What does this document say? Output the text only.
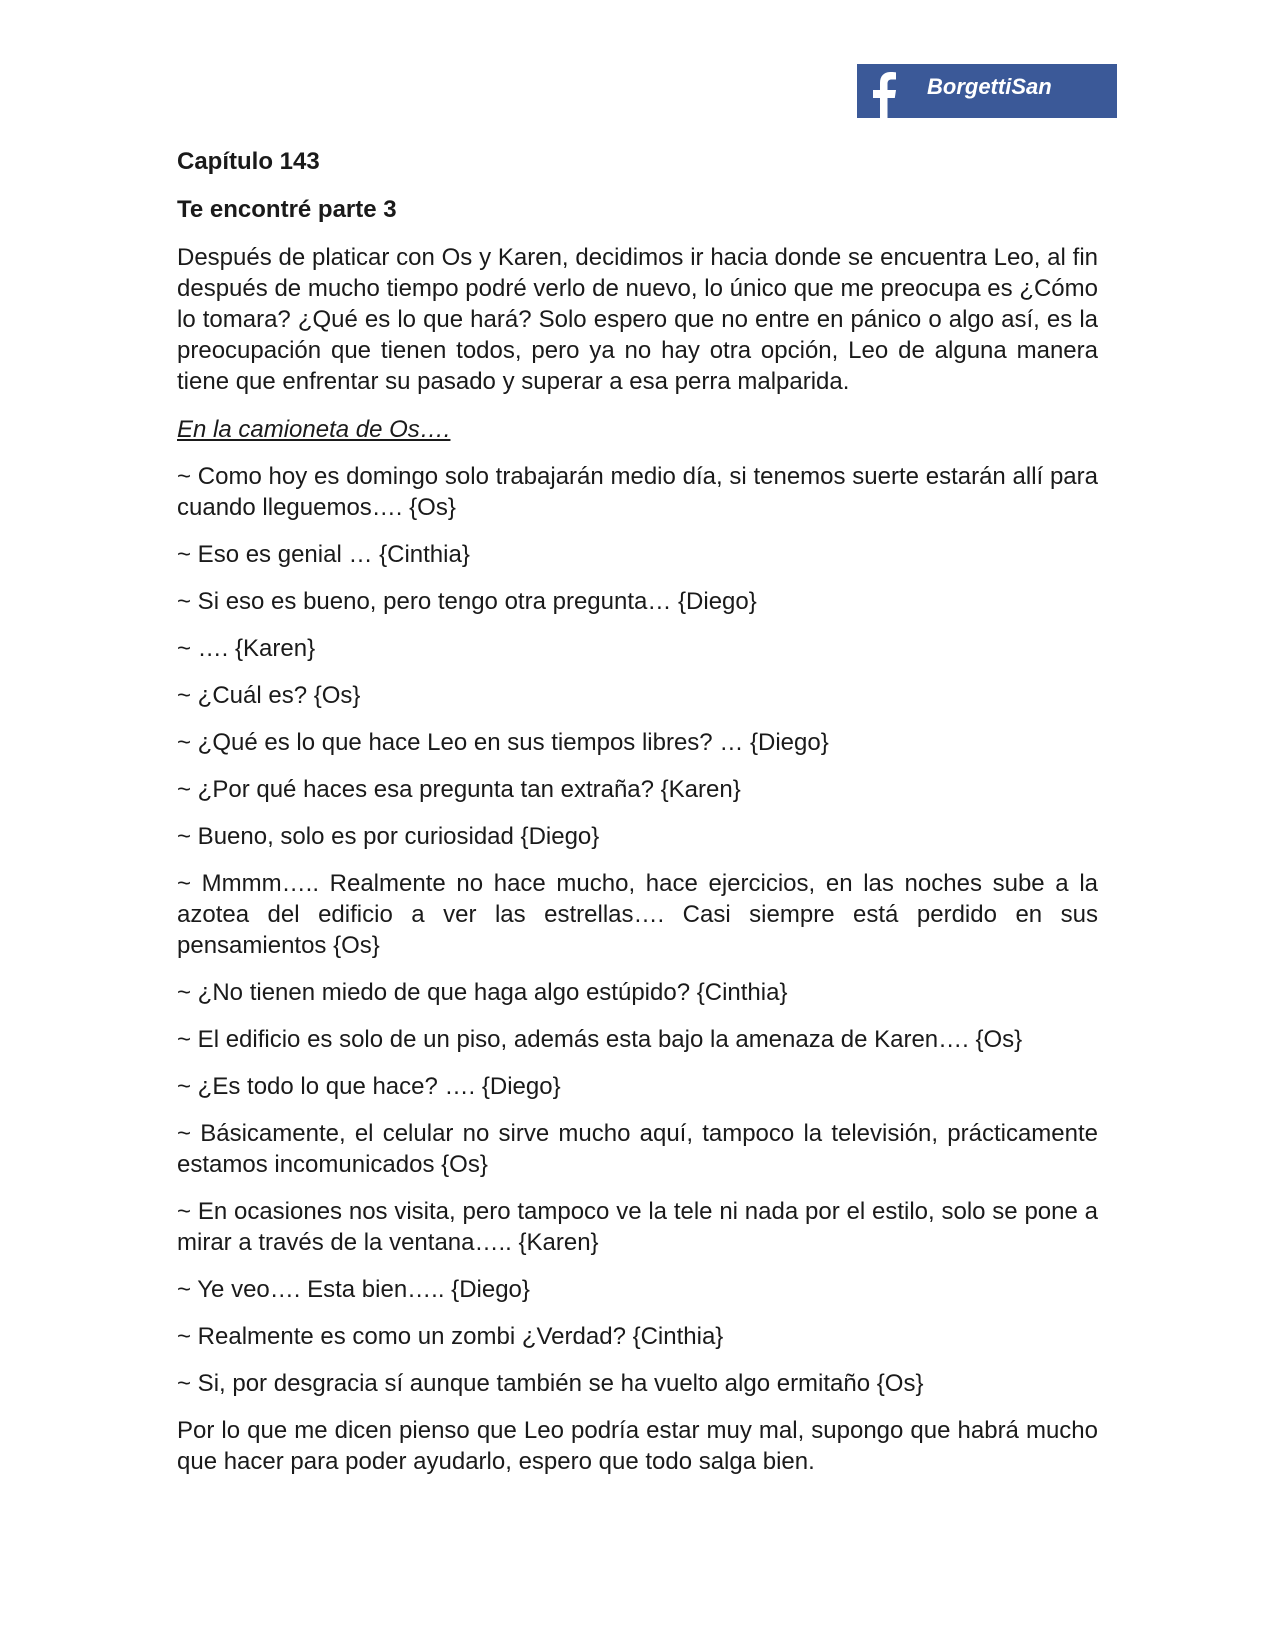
BorgettiSan
Capítulo 143
Te encontré parte 3

Después de platicar con Os y Karen, decidimos ir hacia donde se encuentra Leo, al fin después de mucho tiempo podré verlo de nuevo, lo único que me preocupa es ¿Cómo lo tomara? ¿Qué es lo que hará? Solo espero que no entre en pánico o algo así, es la preocupación que tienen todos, pero ya no hay otra opción, Leo de alguna manera tiene que enfrentar su pasado y superar a esa perra malparida.

En la camioneta de Os….

~ Como hoy es domingo solo trabajarán medio día, si tenemos suerte estarán allí para cuando lleguemos…. {Os}

~ Eso es genial … {Cinthia}

~ Si eso es bueno, pero tengo otra pregunta… {Diego}

~ …. {Karen}

~ ¿Cuál es? {Os}

~ ¿Qué es lo que hace Leo en sus tiempos libres? … {Diego}

~ ¿Por qué haces esa pregunta tan extraña? {Karen}

~ Bueno, solo es por curiosidad {Diego}

~ Mmmm….. Realmente no hace mucho, hace ejercicios, en las noches sube a la azotea del edificio a ver las estrellas…. Casi siempre está perdido en sus pensamientos {Os}

~ ¿No tienen miedo de que haga algo estúpido? {Cinthia}

~ El edificio es solo de un piso, además esta bajo la amenaza de Karen…. {Os}

~ ¿Es todo lo que hace? …. {Diego}

~ Básicamente, el celular no sirve mucho aquí, tampoco la televisión, prácticamente estamos incomunicados {Os}

~ En ocasiones nos visita, pero tampoco ve la tele ni nada por el estilo, solo se pone a mirar a través de la ventana….. {Karen}

~ Ye veo…. Esta bien….. {Diego}

~ Realmente es como un zombi ¿Verdad? {Cinthia}

~ Si, por desgracia sí aunque también se ha vuelto algo ermitaño {Os}

Por lo que me dicen pienso que Leo podría estar muy mal, supongo que habrá mucho que hacer para poder ayudarlo, espero que todo salga bien.
